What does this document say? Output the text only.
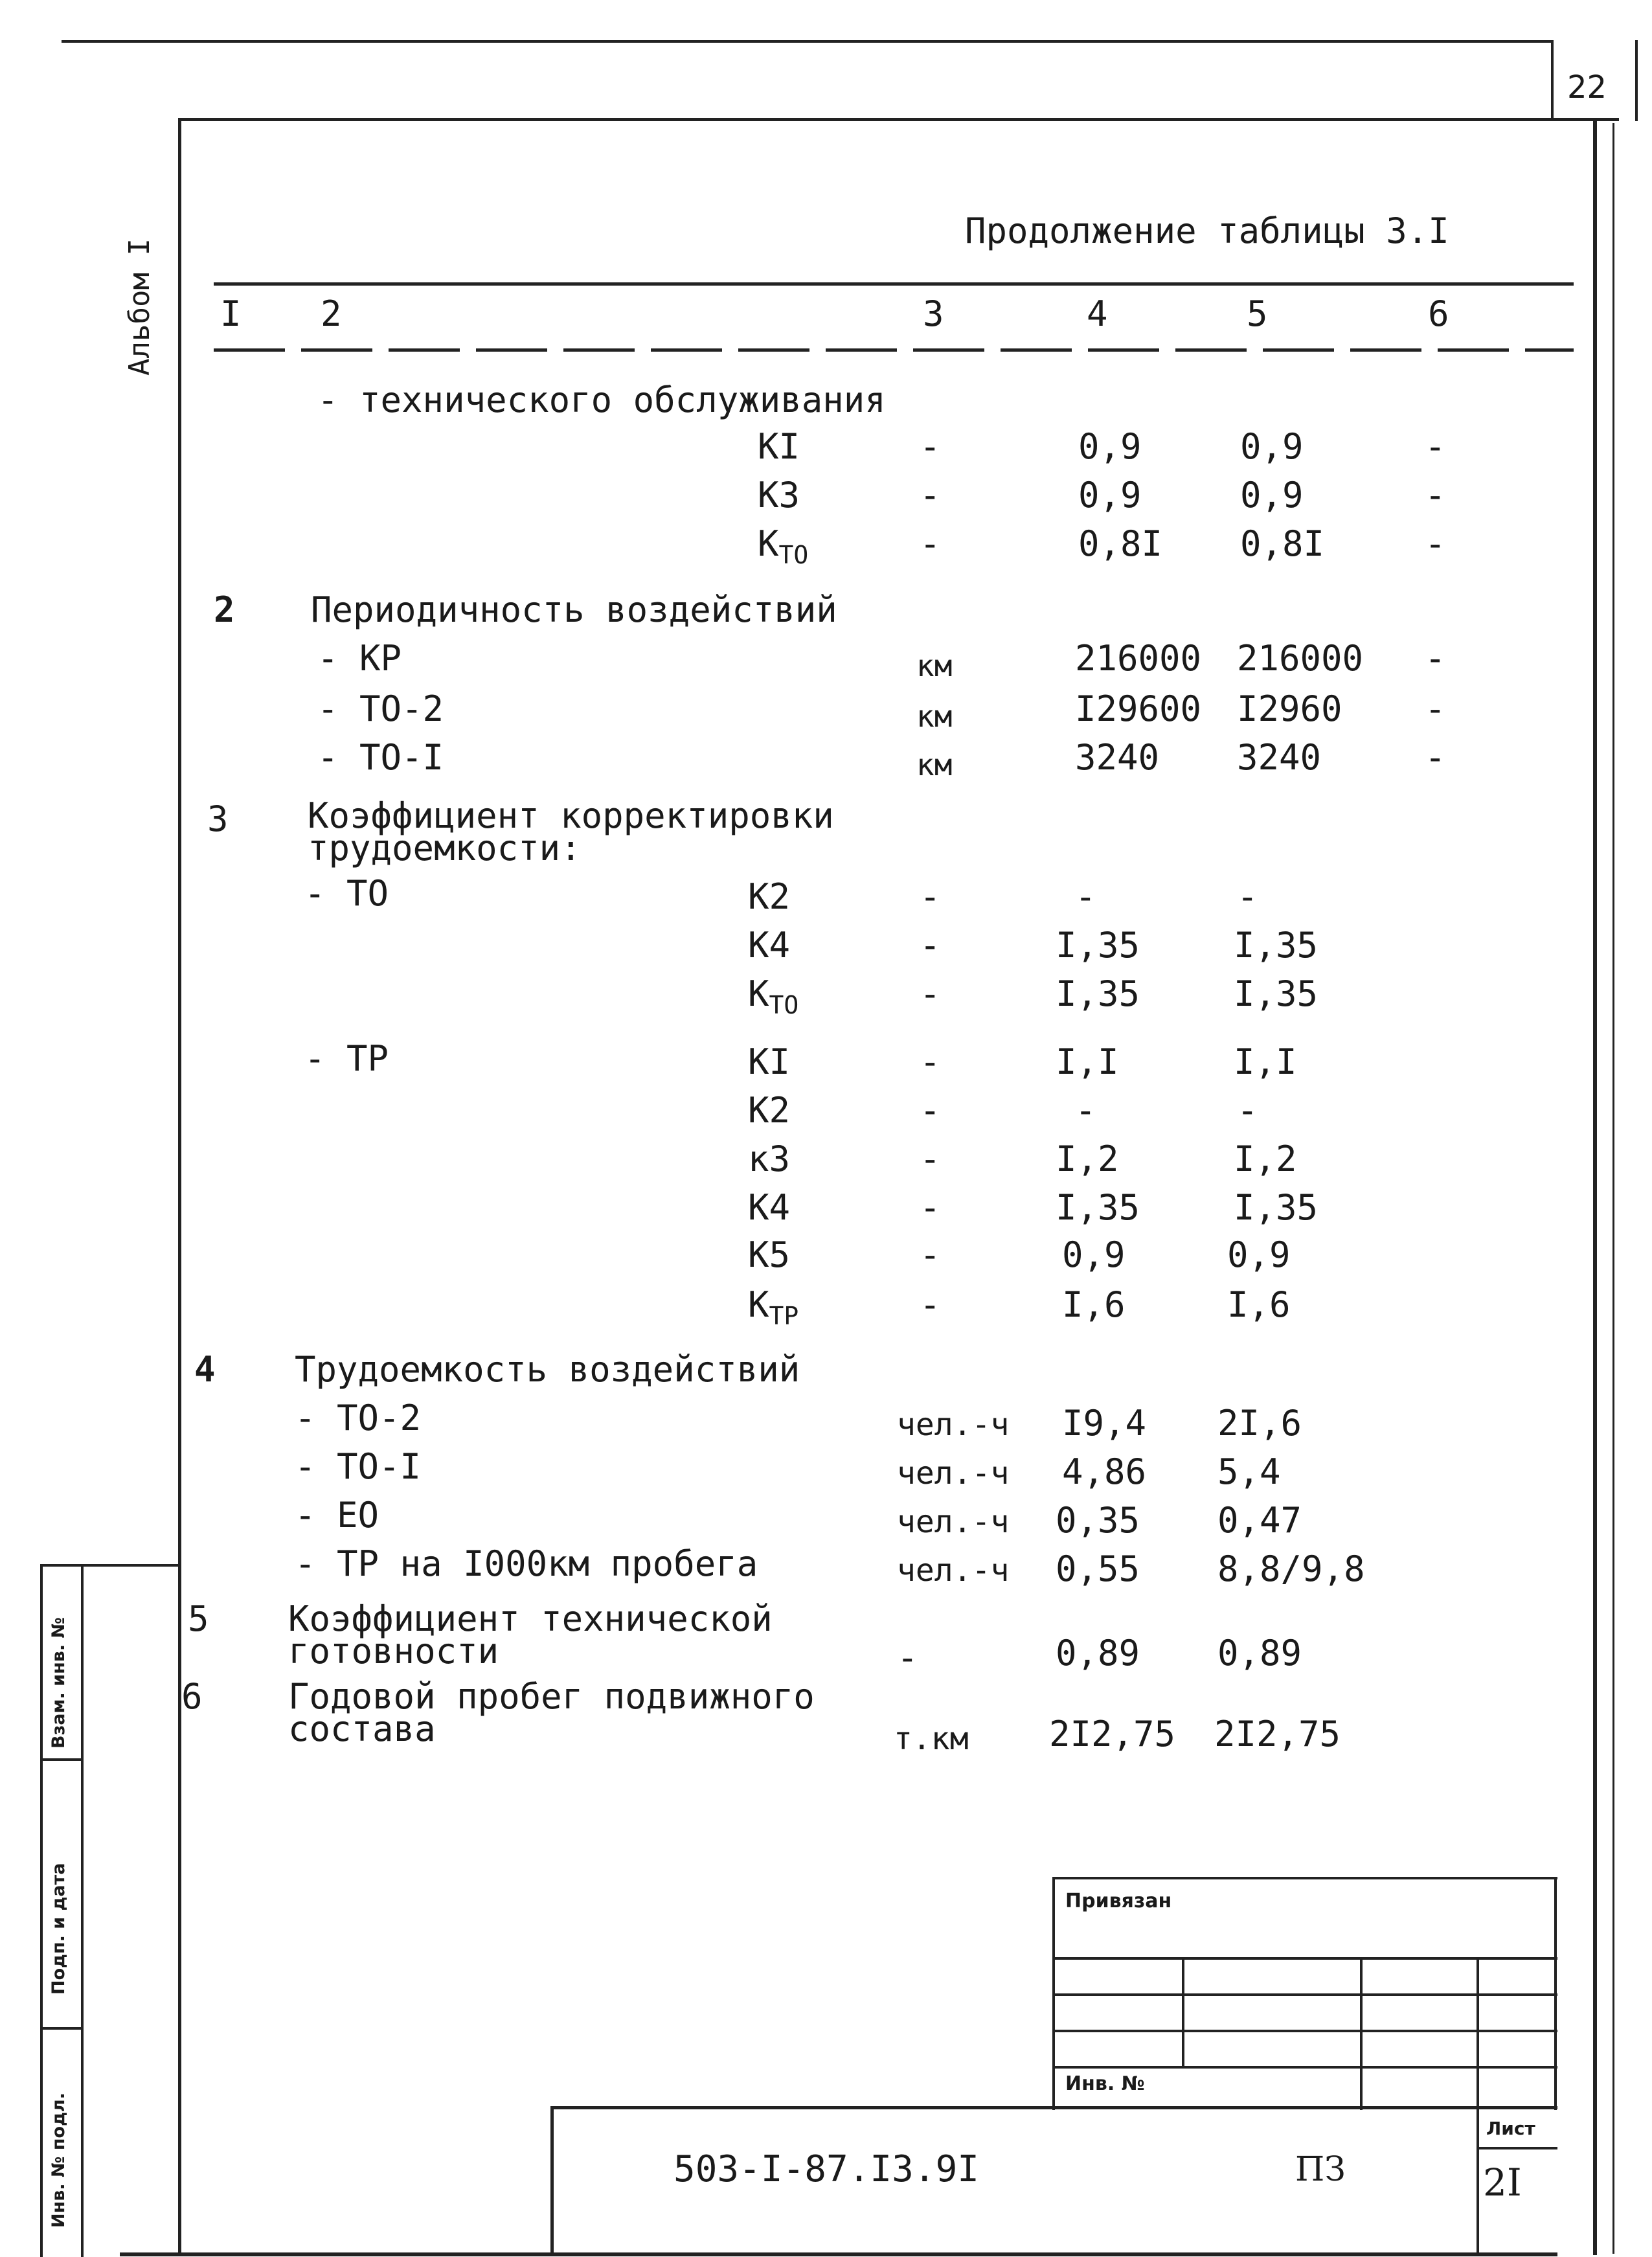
22
Альбом I
Продолжение таблицы 3.I
I 2	3	4	5	6
- технического обслуживания
KI	-	0,9	0,9	-
K3	-	0,9	0,9	-
$K_{TO}$	-	0,8I 0,8I	-
2 Периодичность воздействий
- КР	км	216000 216000 -
- ТО-2	км	I29600 I2960 -
- ТО-I	км	3240 3240	-
3 Коэффициент корректировки
трудоемкости:
- ТО	K2	-	-	-
K4	-	I,35	I,35
$K_{TO}$	-	I,35	I,35
- ТР	KI	-	I,I	I,I
K2	-	-	-
к3	-	I,2	I,2
K4	-	I,35	I,35
K5	-	0,9	0,9
$K_{TP}$	-	I,6	I,6
4 Трудоемкость воздействий
- ТО-2	чел.-ч I9,4 2I,6
- ТО-I	чел.-ч 4,86 5,4
- ЕО	чел.-ч 0,35 0,47
- ТР на I000км пробега	чел.-ч 0,55 8,8/9,8
5 Коэффициент технической
готовности	-	0,89 0,89
6 Годовой пробег подвижного
состава	т.км 2I2,75 2I2,75
Привязан
Инв. №
503-I-87.I3.9I	ПЗ
Лист
2I
Взам. инв. №
Подп. и дата
Инв. № подл.
